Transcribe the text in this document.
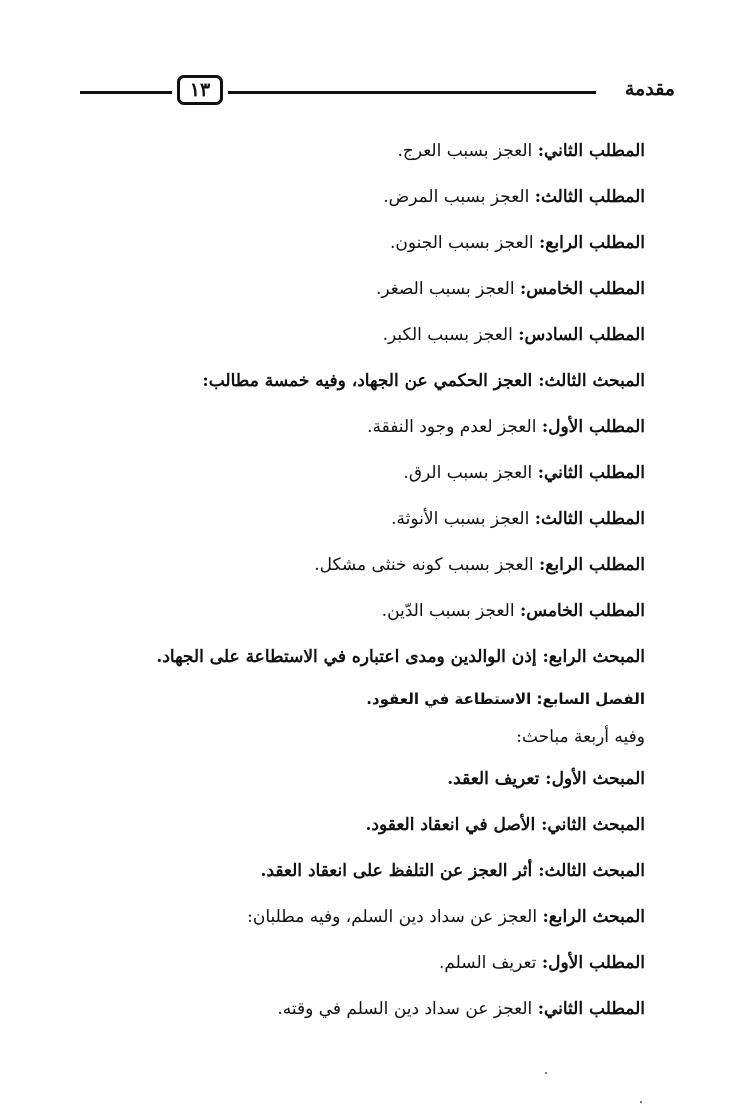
١٣	مقدمة
المطلب الثاني: العجز بسبب العرج.
المطلب الثالث: العجز بسبب المرض.
المطلب الرابع: العجز بسبب الجنون.
المطلب الخامس: العجز بسبب الصغر.
المطلب السادس: العجز بسبب الكبر.
المبحث الثالث: العجز الحكمي عن الجهاد، وفيه خمسة مطالب:
المطلب الأول: العجز لعدم وجود النفقة.
المطلب الثاني: العجز بسبب الرق.
المطلب الثالث: العجز بسبب الأنوثة.
المطلب الرابع: العجز بسبب كونه خنثى مشكل.
المطلب الخامس: العجز بسبب الدّين.
المبحث الرابع: إذن الوالدين ومدى اعتباره في الاستطاعة على الجهاد.
الفصل السابع: الاستطاعة في العقود.
وفيه أربعة مباحث:
المبحث الأول: تعريف العقد.
المبحث الثاني: الأصل في انعقاد العقود.
المبحث الثالث: أثر العجز عن التلفظ على انعقاد العقد.
المبحث الرابع: العجز عن سداد دين السلم، وفيه مطلبان:
المطلب الأول: تعريف السلم.
المطلب الثاني: العجز عن سداد دين السلم في وقته.
